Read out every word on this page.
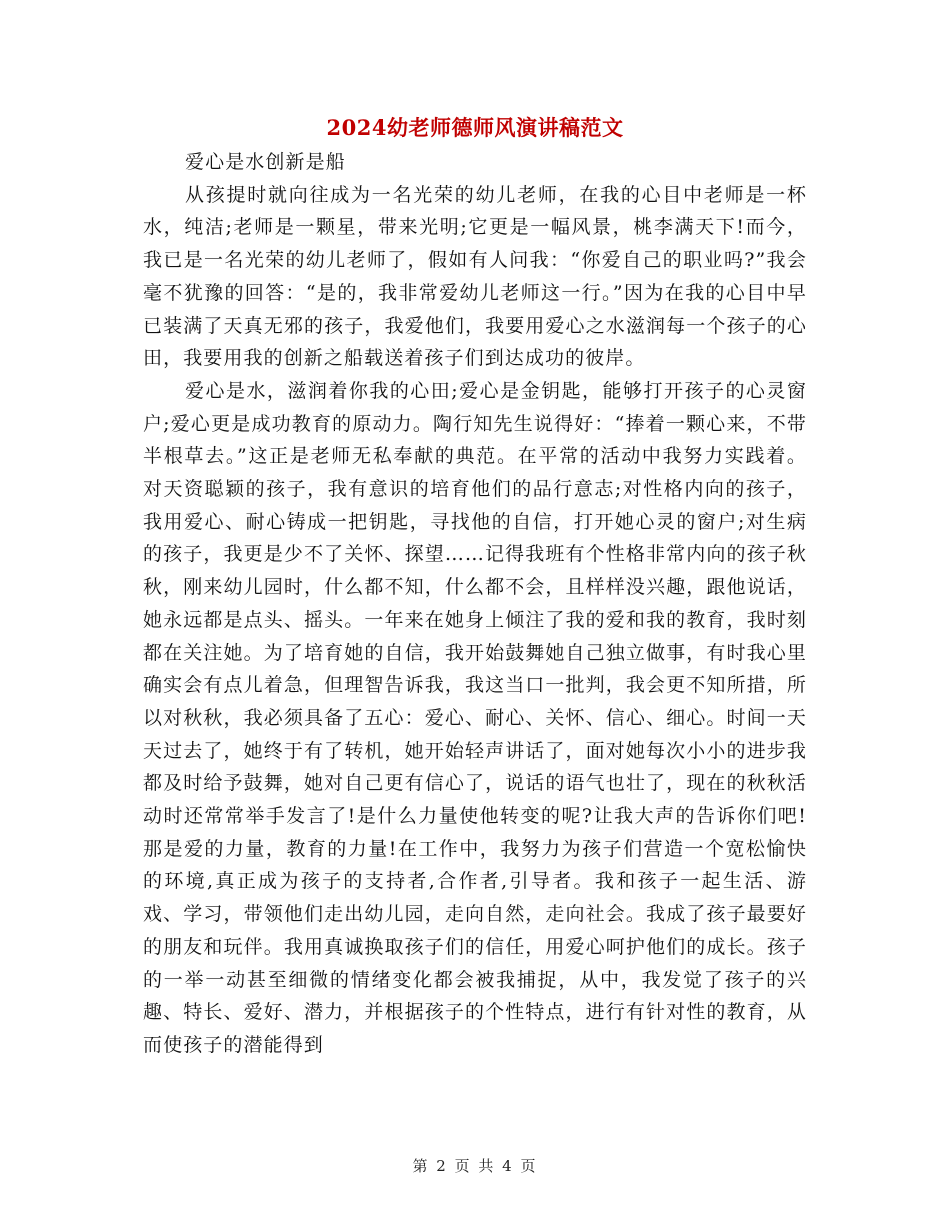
2024幼老师德师风演讲稿范文

爱心是水创新是船

从孩提时就向往成为一名光荣的幼儿老师，在我的心目中老师是一杯水，纯洁;老师是一颗星，带来光明;它更是一幅风景，桃李满天下!而今，我已是一名光荣的幼儿老师了，假如有人问我：“你爱自己的职业吗?”我会毫不犹豫的回答：“是的，我非常爱幼儿老师这一行。”因为在我的心目中早已装满了天真无邪的孩子，我爱他们，我要用爱心之水滋润每一个孩子的心田，我要用我的创新之船载送着孩子们到达成功的彼岸。

爱心是水，滋润着你我的心田;爱心是金钥匙，能够打开孩子的心灵窗户;爱心更是成功教育的原动力。陶行知先生说得好：“捧着一颗心来，不带半根草去。”这正是老师无私奉献的典范。在平常的活动中我努力实践着。对天资聪颖的孩子，我有意识的培育他们的品行意志;对性格内向的孩子，我用爱心、耐心铸成一把钥匙，寻找他的自信，打开她心灵的窗户;对生病的孩子，我更是少不了关怀、探望……记得我班有个性格非常内向的孩子秋秋，刚来幼儿园时，什么都不知，什么都不会，且样样没兴趣，跟他说话，她永远都是点头、摇头。一年来在她身上倾注了我的爱和我的教育，我时刻都在关注她。为了培育她的自信，我开始鼓舞她自己独立做事，有时我心里确实会有点儿着急，但理智告诉我，我这当口一批判，我会更不知所措，所以对秋秋，我必须具备了五心：爱心、耐心、关怀、信心、细心。时间一天天过去了，她终于有了转机，她开始轻声讲话了，面对她每次小小的进步我都及时给予鼓舞，她对自己更有信心了，说话的语气也壮了，现在的秋秋活动时还常常举手发言了!是什么力量使他转变的呢?让我大声的告诉你们吧!那是爱的力量，教育的力量!在工作中，我努力为孩子们营造一个宽松愉快的环境,真正成为孩子的支持者,合作者,引导者。我和孩子一起生活、游戏、学习，带领他们走出幼儿园，走向自然，走向社会。我成了孩子最要好的朋友和玩伴。我用真诚换取孩子们的信任，用爱心呵护他们的成长。孩子的一举一动甚至细微的情绪变化都会被我捕捉，从中，我发觉了孩子的兴趣、特长、爱好、潜力，并根据孩子的个性特点，进行有针对性的教育，从而使孩子的潜能得到

第 2 页 共 4 页
